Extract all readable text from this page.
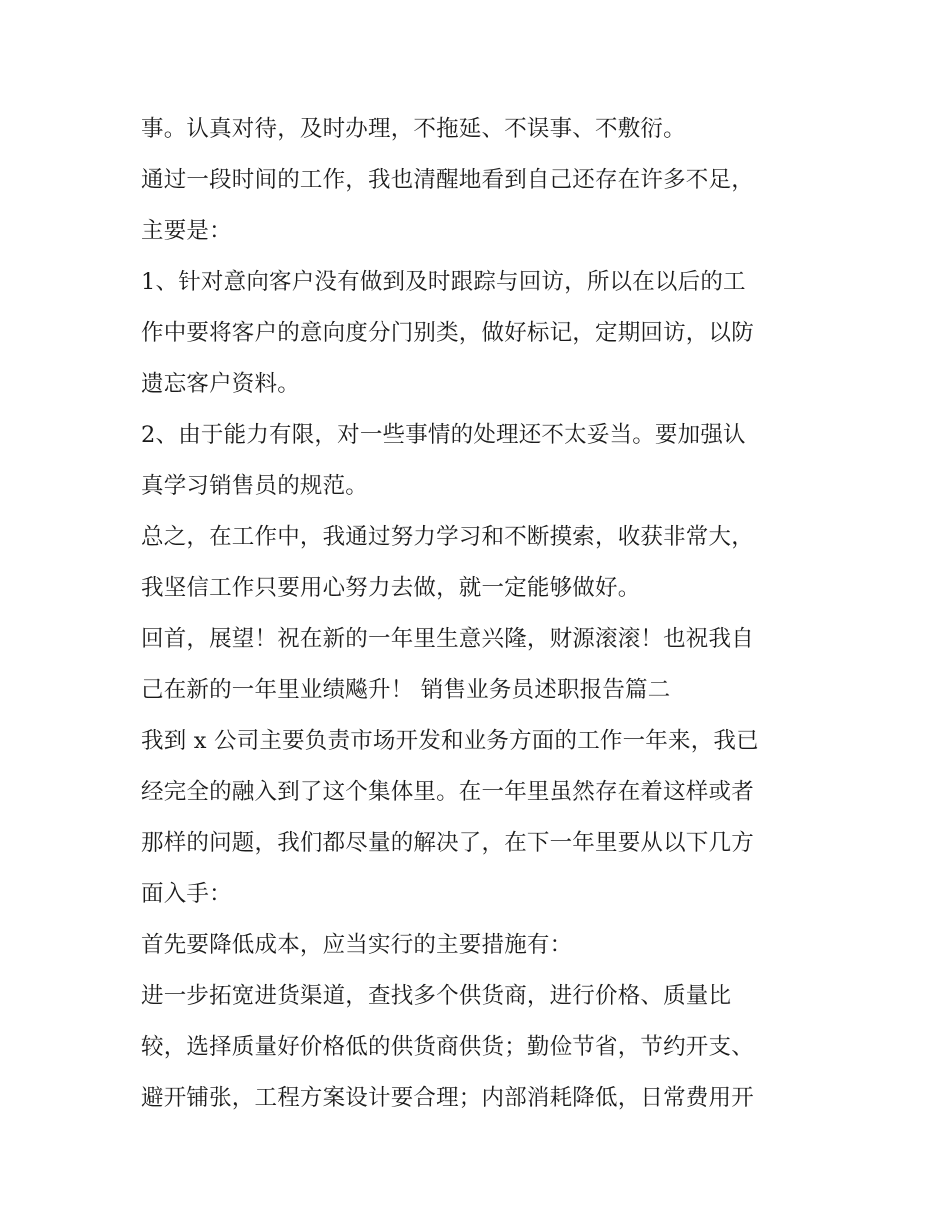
事。认真对待，及时办理，不拖延、不误事、不敷衍。
通过一段时间的工作，我也清醒地看到自己还存在许多不足，
主要是：
1、针对意向客户没有做到及时跟踪与回访，所以在以后的工
作中要将客户的意向度分门别类，做好标记，定期回访，以防
遗忘客户资料。
2、由于能力有限，对一些事情的处理还不太妥当。要加强认
真学习销售员的规范。
总之，在工作中，我通过努力学习和不断摸索，收获非常大，
我坚信工作只要用心努力去做，就一定能够做好。
回首，展望！祝在新的一年里生意兴隆，财源滚滚！也祝我自
己在新的一年里业绩飚升！ 销售业务员述职报告篇二
我到 x 公司主要负责市场开发和业务方面的工作一年来，我已
经完全的融入到了这个集体里。在一年里虽然存在着这样或者
那样的问题，我们都尽量的解决了，在下一年里要从以下几方
面入手：
首先要降低成本，应当实行的主要措施有：
进一步拓宽进货渠道，查找多个供货商，进行价格、质量比
较，选择质量好价格低的供货商供货；勤俭节省，节约开支、
避开铺张，工程方案设计要合理；内部消耗降低，日常费用开
